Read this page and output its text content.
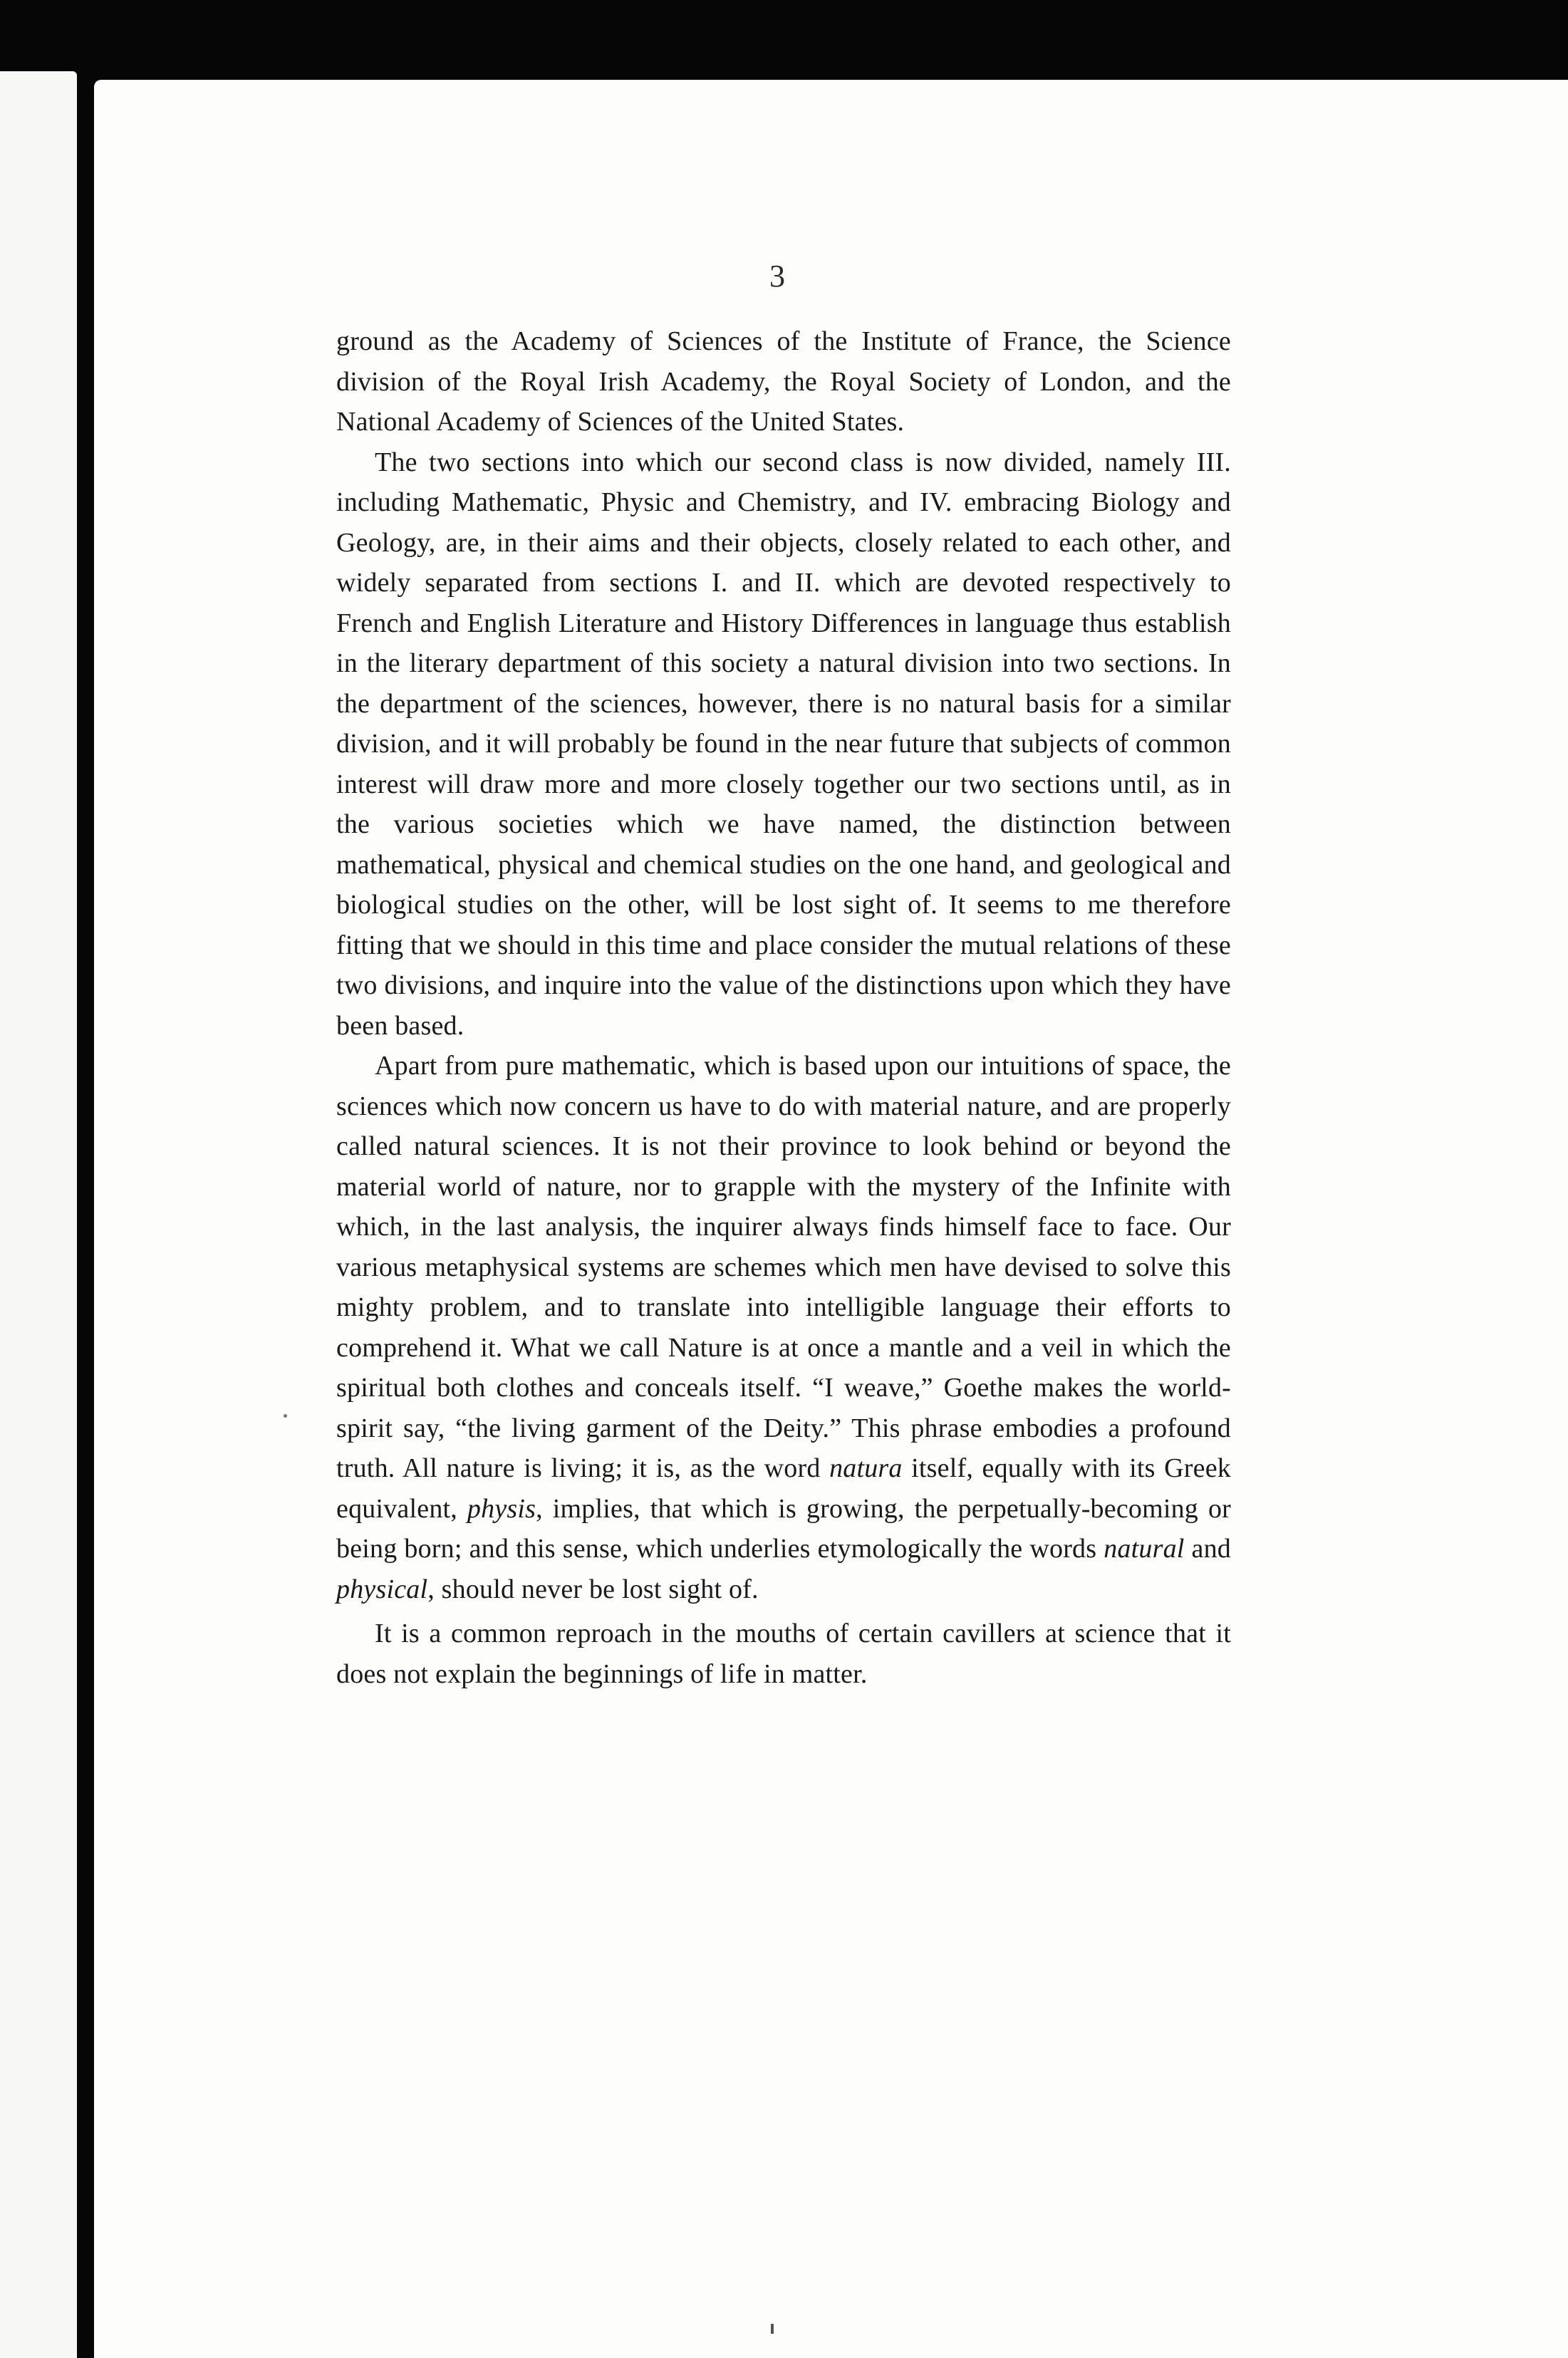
3

ground as the Academy of Sciences of the Institute of France, the Science division of the Royal Irish Academy, the Royal Society of London, and the National Academy of Sciences of the United States.

The two sections into which our second class is now divided, namely III. including Mathematic, Physic and Chemistry, and IV. embracing Biology and Geology, are, in their aims and their objects, closely related to each other, and widely separated from sections I. and II. which are devoted respectively to French and English Literature and History Differences in language thus establish in the literary department of this society a natural division into two sections. In the department of the sciences, however, there is no natural basis for a similar division, and it will probably be found in the near future that subjects of common interest will draw more and more closely together our two sections until, as in the various societies which we have named, the distinction between mathematical, physical and chemical studies on the one hand, and geological and biological studies on the other, will be lost sight of. It seems to me therefore fitting that we should in this time and place consider the mutual relations of these two divisions, and inquire into the value of the distinctions upon which they have been based.

Apart from pure mathematic, which is based upon our intuitions of space, the sciences which now concern us have to do with material nature, and are properly called natural sciences. It is not their province to look behind or beyond the material world of nature, nor to grapple with the mystery of the Infinite with which, in the last analysis, the inquirer always finds himself face to face. Our various metaphysical systems are schemes which men have devised to solve this mighty problem, and to translate into intelligible language their efforts to comprehend it. What we call Nature is at once a mantle and a veil in which the spiritual both clothes and conceals itself. “I weave,” Goethe makes the world-spirit say, “the living garment of the Deity.” This phrase embodies a profound truth. All nature is living; it is, as the word natura itself, equally with its Greek equivalent, physis, implies, that which is growing, the perpetually-becoming or being born; and this sense, which underlies etymologically the words natural and physical, should never be lost sight of.

It is a common reproach in the mouths of certain cavillers at science that it does not explain the beginnings of life in matter.
